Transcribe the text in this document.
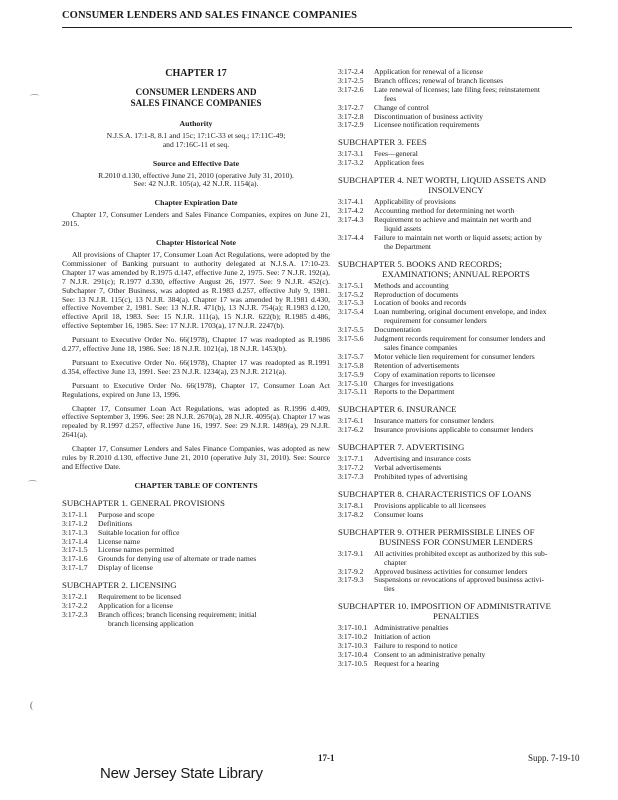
CONSUMER LENDERS AND SALES FINANCE COMPANIES
CHAPTER 17
CONSUMER LENDERS AND
SALES FINANCE COMPANIES
Authority

N.J.S.A. 17:1-8, 8.1 and 15c; 17:1C-33 et seq.; 17:11C-49;

and 17:16C-11 et seq.

Source and Effective Date

R.2010 d.130, effective June 21, 2010 (operative July 31, 2010).

See: 42 N.J.R. 105(a), 42 N.J.R. 1154(a).

Chapter Expiration Date

Chapter 17, Consumer Lenders and Sales Finance Companies, expires on June 21, 2015.

Chapter Historical Note

All provisions of Chapter 17, Consumer Loan Act Regulations, were adopted by the Commissioner of Banking pursuant to authority delegated at N.J.S.A. 17:10-23. Chapter 17 was amended by R.1975 d.147, effective June 2, 1975. See: 7 N.J.R. 192(a), 7 N.J.R. 291(c); R.1977 d.330, effective August 26, 1977. See: 9 N.J.R. 452(c). Subchapter 7, Other Business, was adopted as R.1983 d.257, effective July 9, 1981. See: 13 N.J.R. 115(c), 13 N.J.R. 384(a). Chapter 17 was amended by R.1981 d.430, effective November 2, 1981. See: 13 N.J.R. 471(b), 13 N.J.R. 754(a); R.1983 d.120, effective April 18, 1983. See: 15 N.J.R. 111(a), 15 N.J.R. 622(b); R.1985 d.486, effective September 16, 1985. See: 17 N.J.R. 1703(a), 17 N.J.R. 2247(b).

Pursuant to Executive Order No. 66(1978), Chapter 17 was readopted as R.1986 d.277, effective June 18, 1986. See: 18 N.J.R. 1021(a), 18 N.J.R. 1453(b).

Pursuant to Executive Order No. 66(1978), Chapter 17 was readopted as R.1991 d.354, effective June 13, 1991. See: 23 N.J.R. 1234(a), 23 N.J.R. 2121(a).

Pursuant to Executive Order No. 66(1978), Chapter 17, Consumer Loan Act Regulations, expired on June 13, 1996.

Chapter 17, Consumer Loan Act Regulations, was adopted as R.1996 d.409, effective September 3, 1996. See: 28 N.J.R. 2670(a), 28 N.J.R. 4095(a). Chapter 17 was repealed by R.1997 d.257, effective June 16, 1997. See: 29 N.J.R. 1489(a), 29 N.J.R. 2641(a).

Chapter 17, Consumer Lenders and Sales Finance Companies, was adopted as new rules by R.2010 d.130, effective June 21, 2010 (operative July 31, 2010). See: Source and Effective Date.

CHAPTER TABLE OF CONTENTS
SUBCHAPTER 1. GENERAL PROVISIONS
3:17-1.1	Purpose and scope
3:17-1.2	Definitions
3:17-1.3	Suitable location for office
3:17-1.4	License name
3:17-1.5	License names permitted
3:17-1.6	Grounds for denying use of alternate or trade names
3:17-1.7	Display of license
SUBCHAPTER 2. LICENSING
3:17-2.1	Requirement to be licensed
3:17-2.2	Application for a license
3:17-2.3	Branch offices; branch licensing requirement; initial
branch licensing application
3:17-2.4	Application for renewal of a license
3:17-2.5	Branch offices; renewal of branch licenses
3:17-2.6	Late renewal of licenses; late filing fees; reinstatement
fees
3:17-2.7	Change of control
3:17-2.8	Discontinuation of business activity
3:17-2.9	Licensee notification requirements
SUBCHAPTER 3. FEES
3:17-3.1	Fees—general
3:17-3.2	Application fees
SUBCHAPTER 4. NET WORTH, LIQUID ASSETS AND
INSOLVENCY
3:17-4.1	Applicability of provisions
3:17-4.2	Accounting method for determining net worth
3:17-4.3	Requirement to achieve and maintain net worth and
liquid assets
3:17-4.4	Failure to maintain net worth or liquid assets; action by
the Department
SUBCHAPTER 5. BOOKS AND RECORDS;
EXAMINATIONS; ANNUAL REPORTS
3:17-5.1	Methods and accounting
3:17-5.2	Reproduction of documents
3:17-5.3	Location of books and records
3:17-5.4	Loan numbering, original document envelope, and index
requirement for consumer lenders
3:17-5.5	Documentation
3:17-5.6	Judgment records requirement for consumer lenders and
sales finance companies
3:17-5.7	Motor vehicle lien requirement for consumer lenders
3:17-5.8	Retention of advertisements
3:17-5.9	Copy of examination reports to licensee
3:17-5.10 Charges for investigations
3:17-5.11 Reports to the Department
SUBCHAPTER 6. INSURANCE
3:17-6.1	Insurance matters for consumer lenders
3:17-6.2	Insurance provisions applicable to consumer lenders
SUBCHAPTER 7. ADVERTISING
3:17-7.1	Advertising and insurance costs
3:17-7.2	Verbal advertisements
3:17-7.3	Prohibited types of advertising
SUBCHAPTER 8. CHARACTERISTICS OF LOANS
3:17-8.1	Provisions applicable to all licensees
3:17-8.2	Consumer loans
SUBCHAPTER 9. OTHER PERMISSIBLE LINES OF
BUSINESS FOR CONSUMER LENDERS
3:17-9.1	All activities prohibited except as authorized by this sub-
chapter
3:17-9.2	Approved business activities for consumer lenders
3:17-9.3	Suspensions or revocations of approved business activi-
ties
SUBCHAPTER 10. IMPOSITION OF ADMINISTRATIVE
PENALTIES
3:17-10.1 Administrative penalties
3:17-10.2 Initiation of action
3:17-10.3 Failure to respond to notice
3:17-10.4 Consent to an administrative penalty
3:17-10.5 Request for a hearing
⌒
⌒
(
17-1	Supp. 7-19-10
New Jersey State Library
